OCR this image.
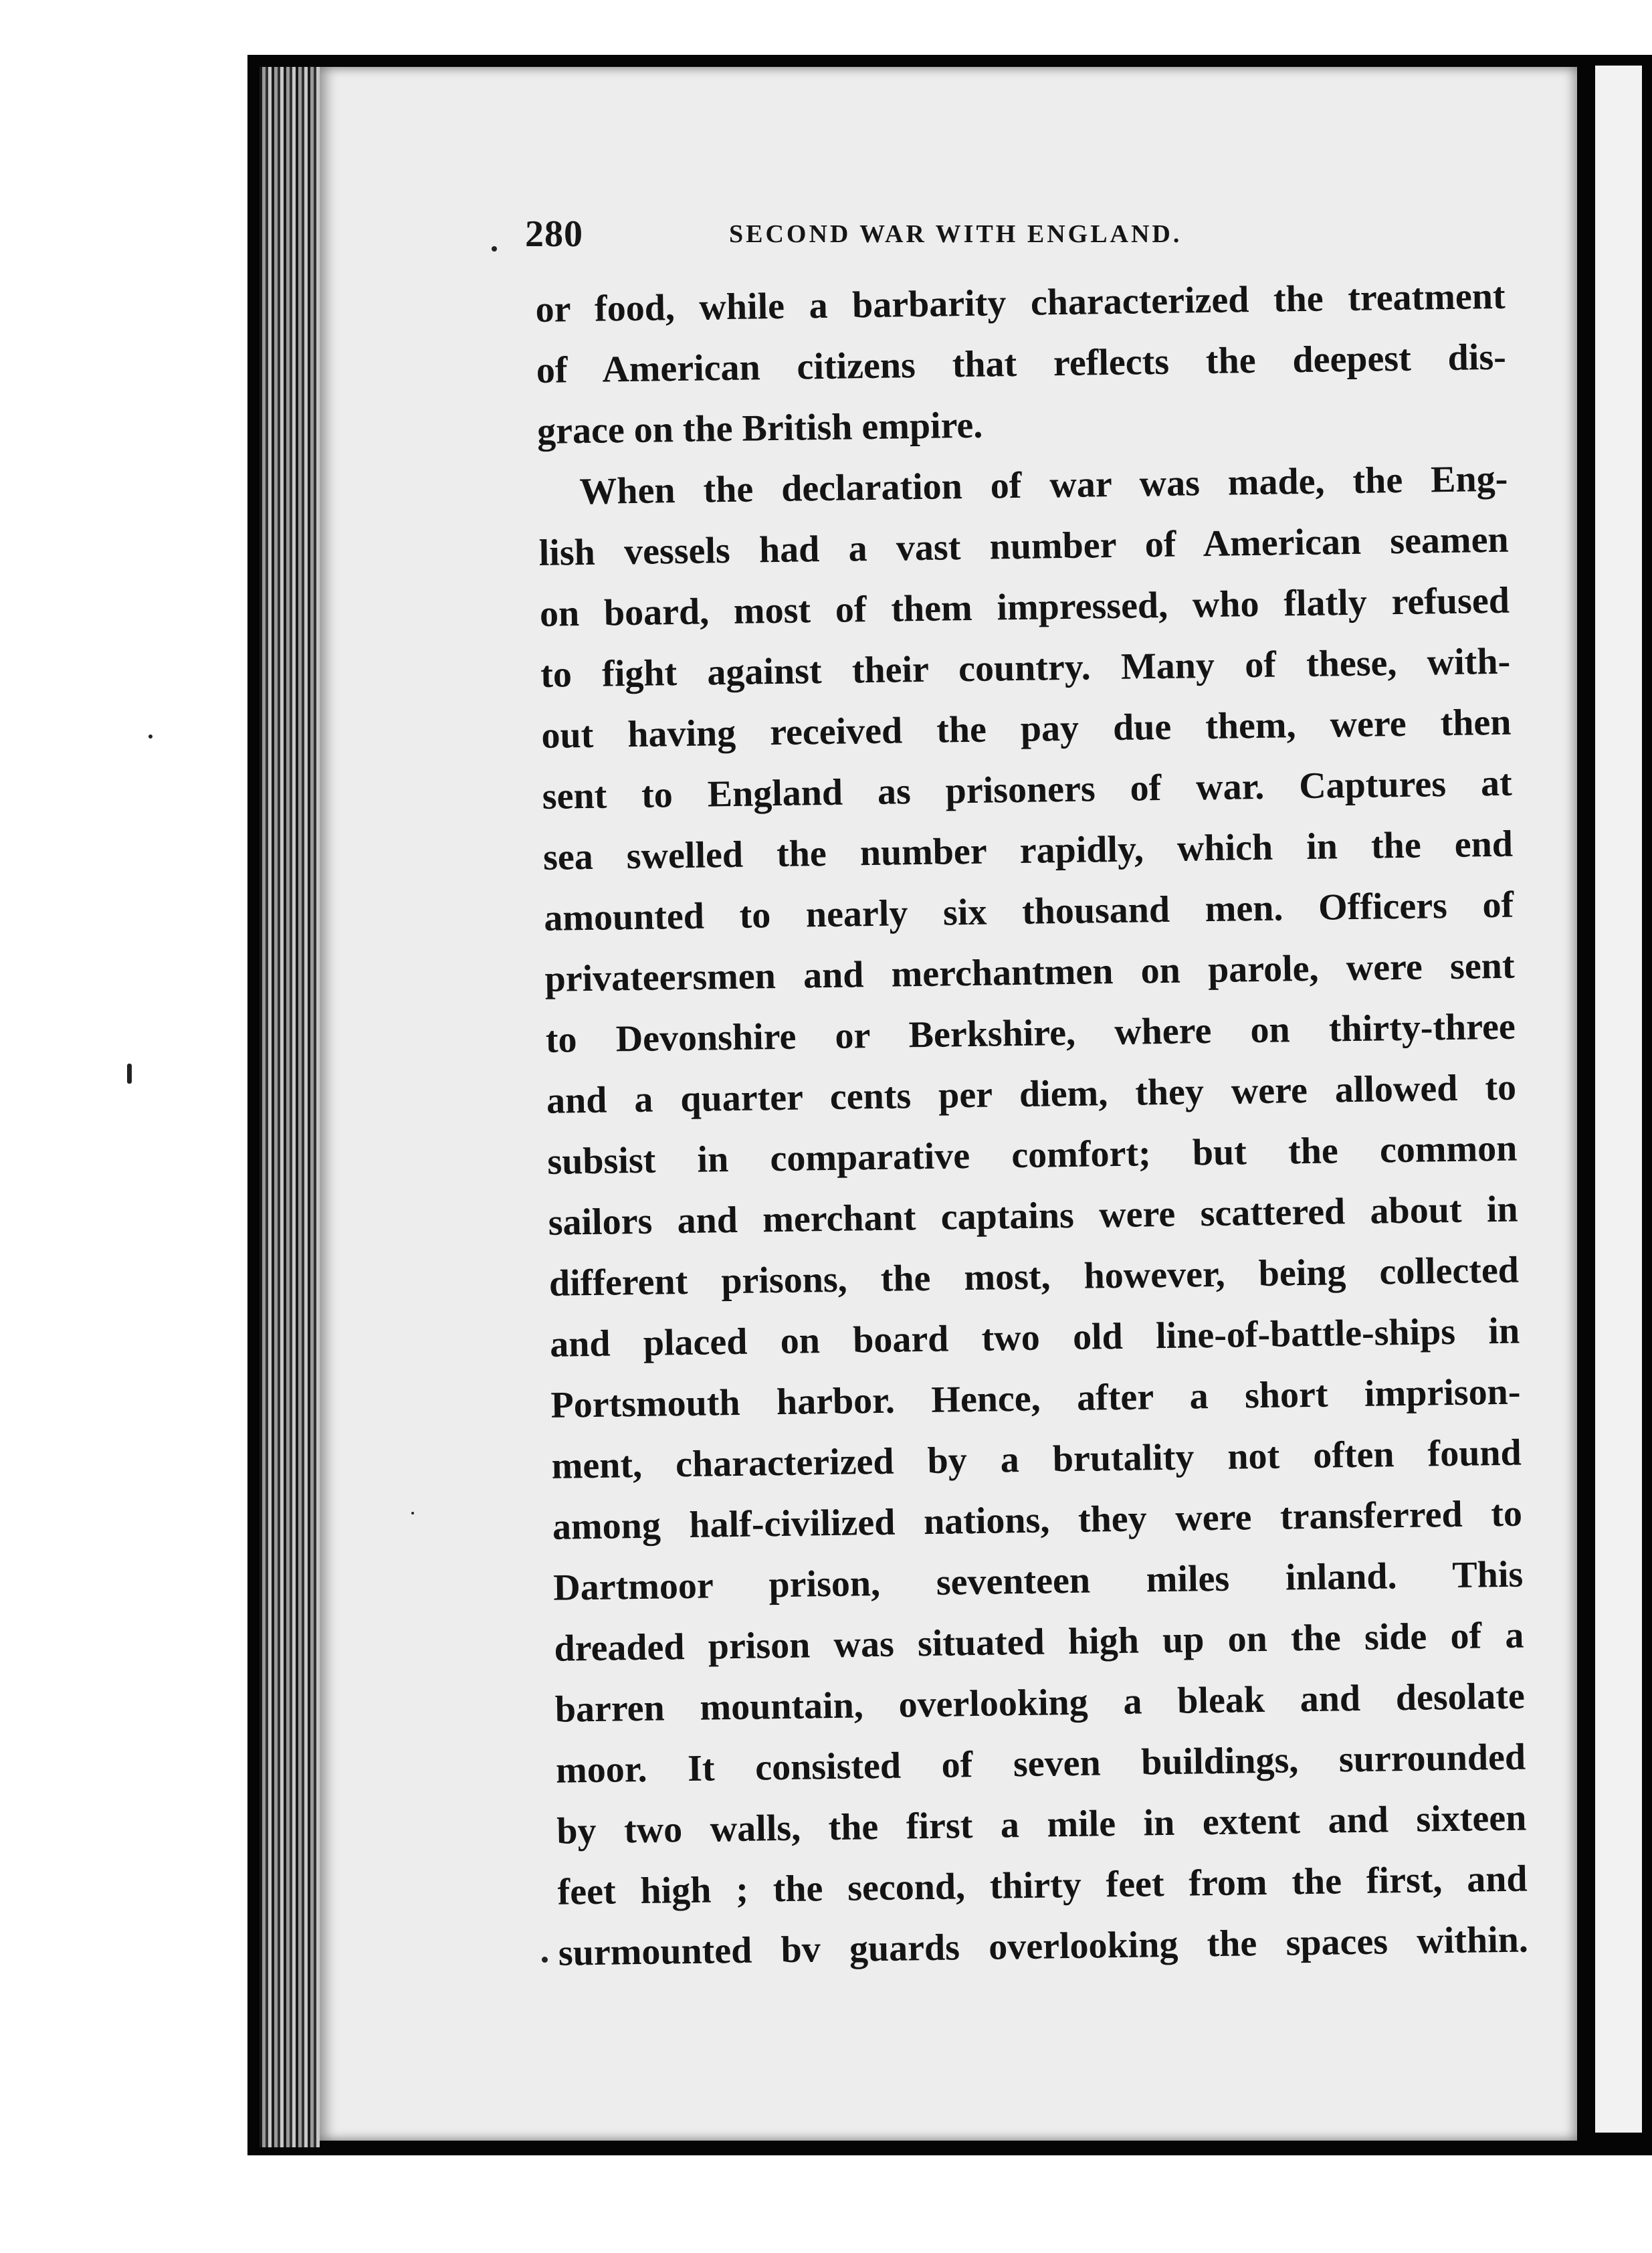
280	SECOND WAR WITH ENGLAND.
or food, while a barbarity characterized the treatment
of American citizens that reflects the deepest dis-
grace on the British empire.
When the declaration of war was made, the Eng-
lish vessels had a vast number of American seamen
on board, most of them impressed, who flatly refused
to fight against their country. Many of these, with-
out having received the pay due them, were then
sent to England as prisoners of war. Captures at
sea swelled the number rapidly, which in the end
amounted to nearly six thousand men. Officers of
privateersmen and merchantmen on parole, were sent
to Devonshire or Berkshire, where on thirty-three
and a quarter cents per diem, they were allowed to
subsist in comparative comfort; but the common
sailors and merchant captains were scattered about in
different prisons, the most, however, being collected
and placed on board two old line-of-battle-ships in
Portsmouth harbor. Hence, after a short imprison-
ment, characterized by a brutality not often found
among half-civilized nations, they were transferred to
Dartmoor prison, seventeen miles inland. This
dreaded prison was situated high up on the side of a
barren mountain, overlooking a bleak and desolate
moor. It consisted of seven buildings, surrounded
by two walls, the first a mile in extent and sixteen
feet high ; the second, thirty feet from the first, and
surmounted bv guards overlooking the spaces within.
